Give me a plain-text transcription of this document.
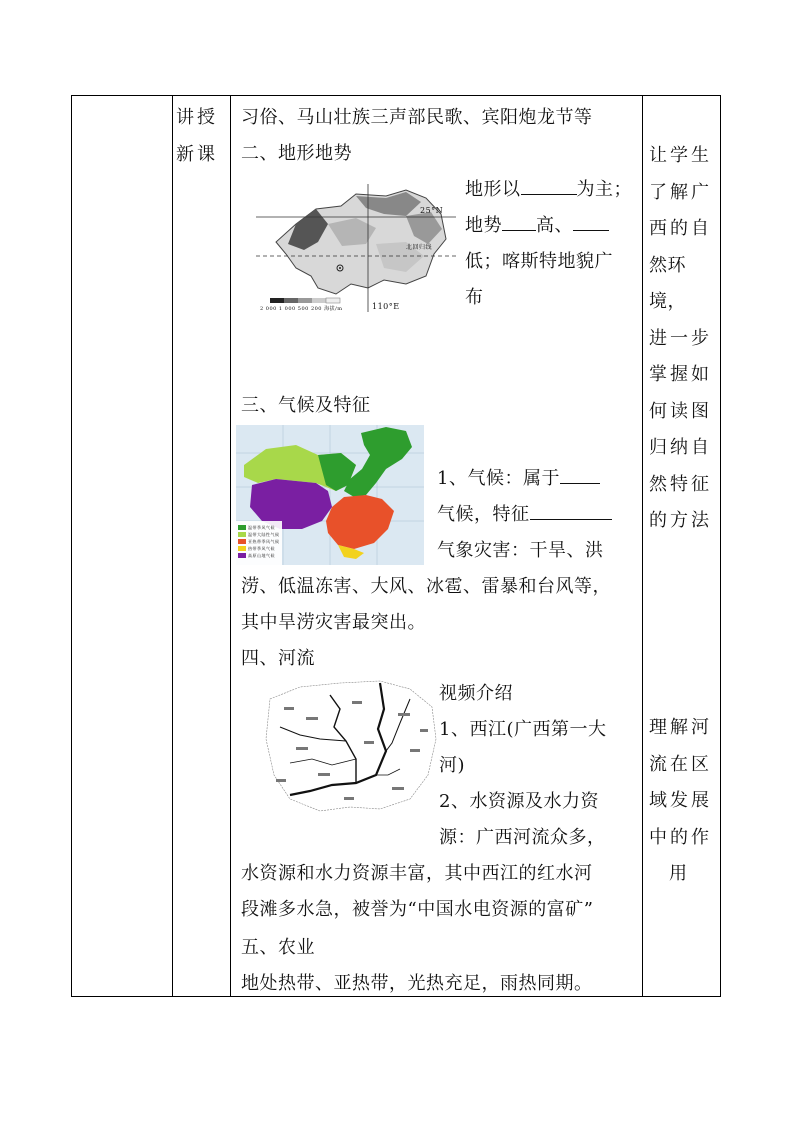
讲授
新课
习俗、马山壮族三声部民歌、宾阳炮龙节等
二、地形地势
25°N
北回归线
110°E
2 000 1 000 500 200 海拔/m
地形以	为主；
地势 高、
低；喀斯特地貌广
布
三、气候及特征
温带季风气候
温带大陆性气候
亚热带季风气候
热带季风气候
高原山地气候
1、气候：属于
气候，特征
气象灾害：干旱、洪
涝、低温冻害、大风、冰雹、雷暴和台风等，
其中旱涝灾害最突出。
四、河流
视频介绍
1、西江(广西第一大
河)
2、水资源及水力资
源：广西河流众多，
水资源和水力资源丰富，其中西江的红水河
段滩多水急，被誉为“中国水电资源的富矿”
五、农业
地处热带、亚热带，光热充足，雨热同期。
让学生
了解广
西的自
然环境，
进一步
掌握如
何读图
归纳自
然特征
的方法
理解河
流在区
域发展
中的作
用
